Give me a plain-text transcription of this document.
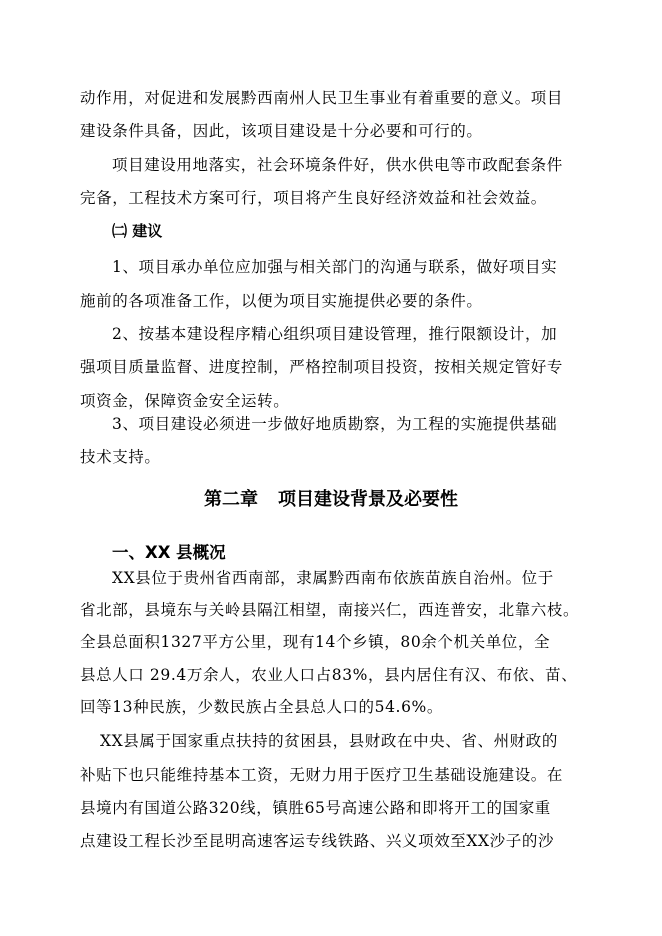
动作用，对促进和发展黔西南州人民卫生事业有着重要的意义。项目
建设条件具备，因此，该项目建设是十分必要和可行的。
项目建设用地落实，社会环境条件好，供水供电等市政配套条件
完备，工程技术方案可行，项目将产生良好经济效益和社会效益。
㈡ 建议
1、项目承办单位应加强与相关部门的沟通与联系，做好项目实
施前的各项准备工作，以便为项目实施提供必要的条件。
2、按基本建设程序精心组织项目建设管理，推行限额设计，加
强项目质量监督、进度控制，严格控制项目投资，按相关规定管好专
项资金，保障资金安全运转。
3、项目建设必须进一步做好地质勘察，为工程的实施提供基础
技术支持。
第二章 项目建设背景及必要性
一、XX 县概况
XX县位于贵州省西南部，隶属黔西南布依族苗族自治州。位于
省北部，县境东与关岭县隔江相望，南接兴仁，西连普安，北靠六枝。
全县总面积1327平方公里，现有14个乡镇，80余个机关单位，全
县总人口 29.4万余人，农业人口占83%，县内居住有汉、布依、苗、
回等13种民族，少数民族占全县总人口的54.6%。
XX县属于国家重点扶持的贫困县，县财政在中央、省、州财政的
补贴下也只能维持基本工资，无财力用于医疗卫生基础设施建设。在
县境内有国道公路320线，镇胜65号高速公路和即将开工的国家重
点建设工程长沙至昆明高速客运专线铁路、兴义项效至XX沙子的沙
